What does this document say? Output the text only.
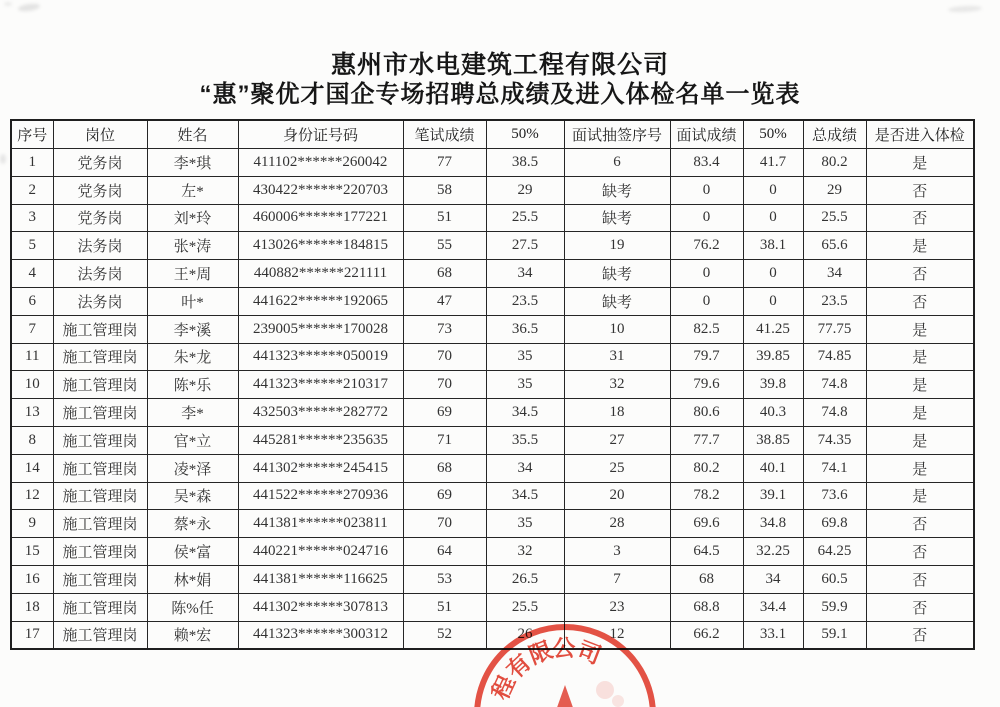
惠州市水电建筑工程有限公司
“惠”聚优才国企专场招聘总成绩及进入体检名单一览表
序号	岗位	姓名	身份证号码	笔试成绩	50%	面试抽签序号	面试成绩	50%	总成绩	是否进入体检
1	党务岗	李*琪	411102******260042	77	38.5	6	83.4	41.7	80.2	是
2	党务岗	左*	430422******220703	58	29	缺考	0	0	29	否
3	党务岗	刘*玲	460006******177221	51	25.5	缺考	0	0	25.5	否
5	法务岗	张*涛	413026******184815	55	27.5	19	76.2	38.1	65.6	是
4	法务岗	王*周	440882******221111	68	34	缺考	0	0	34	否
6	法务岗	叶*	441622******192065	47	23.5	缺考	0	0	23.5	否
7	施工管理岗	李*溪	239005******170028	73	36.5	10	82.5	41.25	77.75	是
11	施工管理岗	朱*龙	441323******050019	70	35	31	79.7	39.85	74.85	是
10	施工管理岗	陈*乐	441323******210317	70	35	32	79.6	39.8	74.8	是
13	施工管理岗	李*	432503******282772	69	34.5	18	80.6	40.3	74.8	是
8	施工管理岗	官*立	445281******235635	71	35.5	27	77.7	38.85	74.35	是
14	施工管理岗	凌*泽	441302******245415	68	34	25	80.2	40.1	74.1	是
12	施工管理岗	吴*森	441522******270936	69	34.5	20	78.2	39.1	73.6	是
9	施工管理岗	蔡*永	441381******023811	70	35	28	69.6	34.8	69.8	否
15	施工管理岗	侯*富	440221******024716	64	32	3	64.5	32.25	64.25	否
16	施工管理岗	林*娟	441381******116625	53	26.5	7	68	34	60.5	否
18	施工管理岗	陈%任	441302******307813	51	25.5	23	68.8	34.4	59.9	否
17	施工管理岗	赖*宏	441323******300312	52	26	12	66.2	33.1	59.1	否
程
有
限
公
司
